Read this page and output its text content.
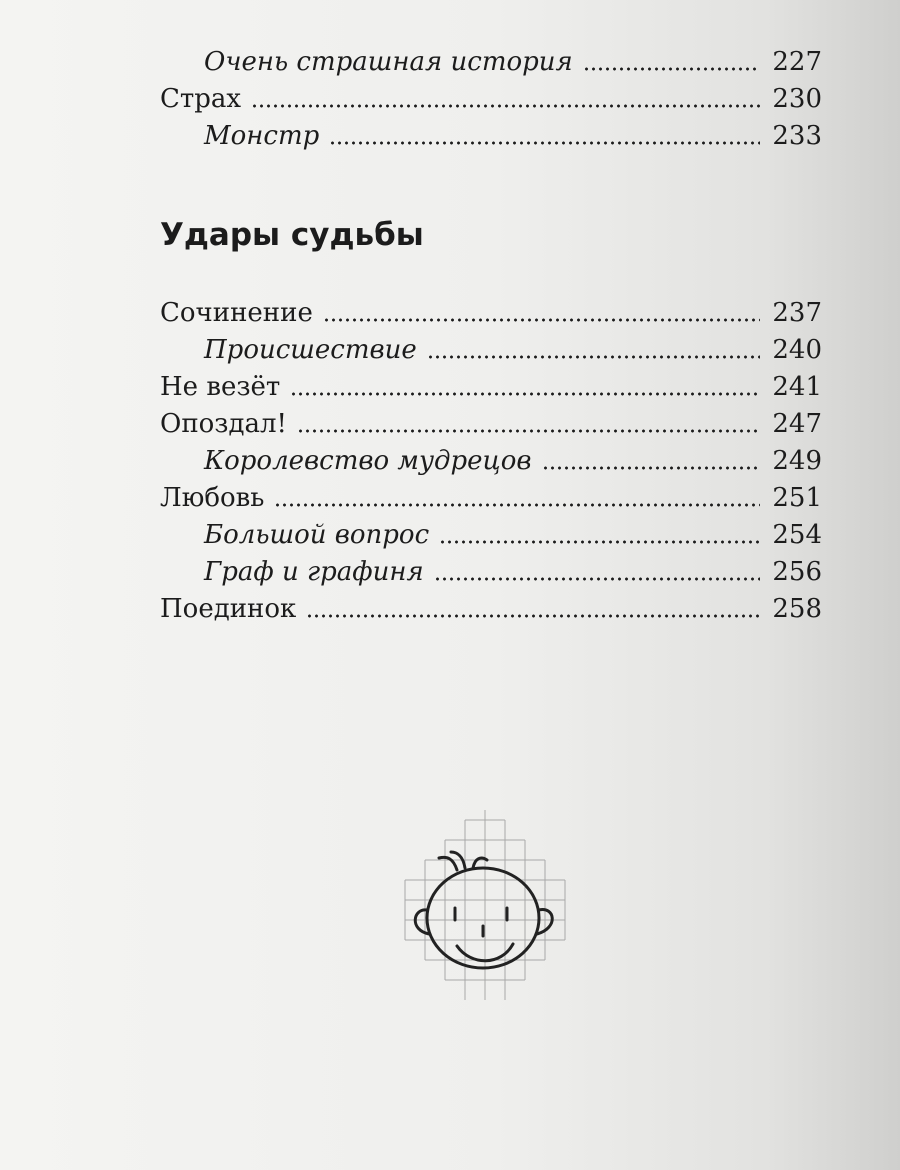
Очень страшная история	227
Страх	230
Монстр	233
Удары судьбы
Сочинение	237
Происшествие	240
Не везёт	241
Опоздал!	247
Королевство мудрецов	249
Любовь	251
Большой вопрос	254
Граф и графиня	256
Поединок	258
